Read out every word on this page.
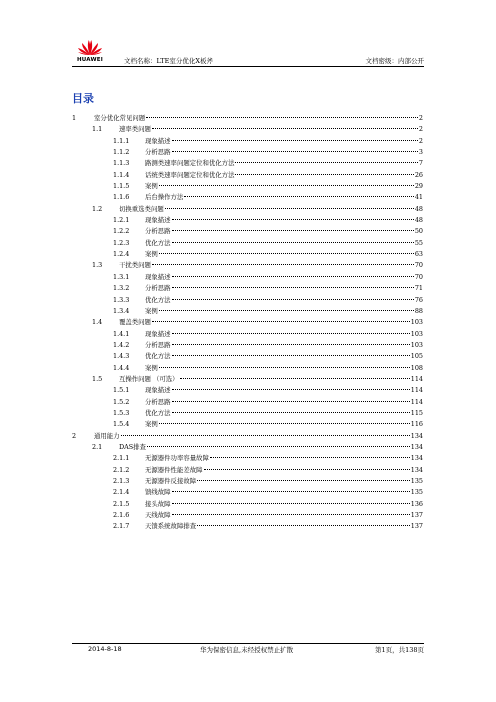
HUAWEI	文档名称：LTE室分优化X板斧	文档密级：内部公开
目录
1	室分优化常见问题	2
1.1	速率类问题	2
1.1.1 现象描述	2
1.1.2 分析思路	3
1.1.3 路测类速率问题定位和优化方法	7
1.1.4 话统类速率问题定位和优化方法	26
1.1.5 案例	29
1.1.6 后台操作方法	41
1.2	切换重选类问题	48
1.2.1 现象描述	48
1.2.2 分析思路	50
1.2.3 优化方法	55
1.2.4 案例	63
1.3	干扰类问题	70
1.3.1 现象描述	70
1.3.2 分析思路	71
1.3.3 优化方法	76
1.3.4 案例	88
1.4	覆盖类问题	103
1.4.1 现象描述	103
1.4.2 分析思路	103
1.4.3 优化方法	105
1.4.4 案例	108
1.5	互操作问题 （可选）	114
1.5.1 现象描述	114
1.5.2 分析思路	114
1.5.3 优化方法	115
1.5.4 案例	116
2	通用能力	134
2.1	DAS排查	134
2.1.1 无源器件功率容量故障	134
2.1.2 无源器件性能差故障	134
2.1.3 无源器件反接故障	135
2.1.4 馈线故障	135
2.1.5 接头故障	136
2.1.6 天线故障	137
2.1.7 天馈系统故障排查	137
2014-8-18	华为保密信息,未经授权禁止扩散	第1页，共138页
